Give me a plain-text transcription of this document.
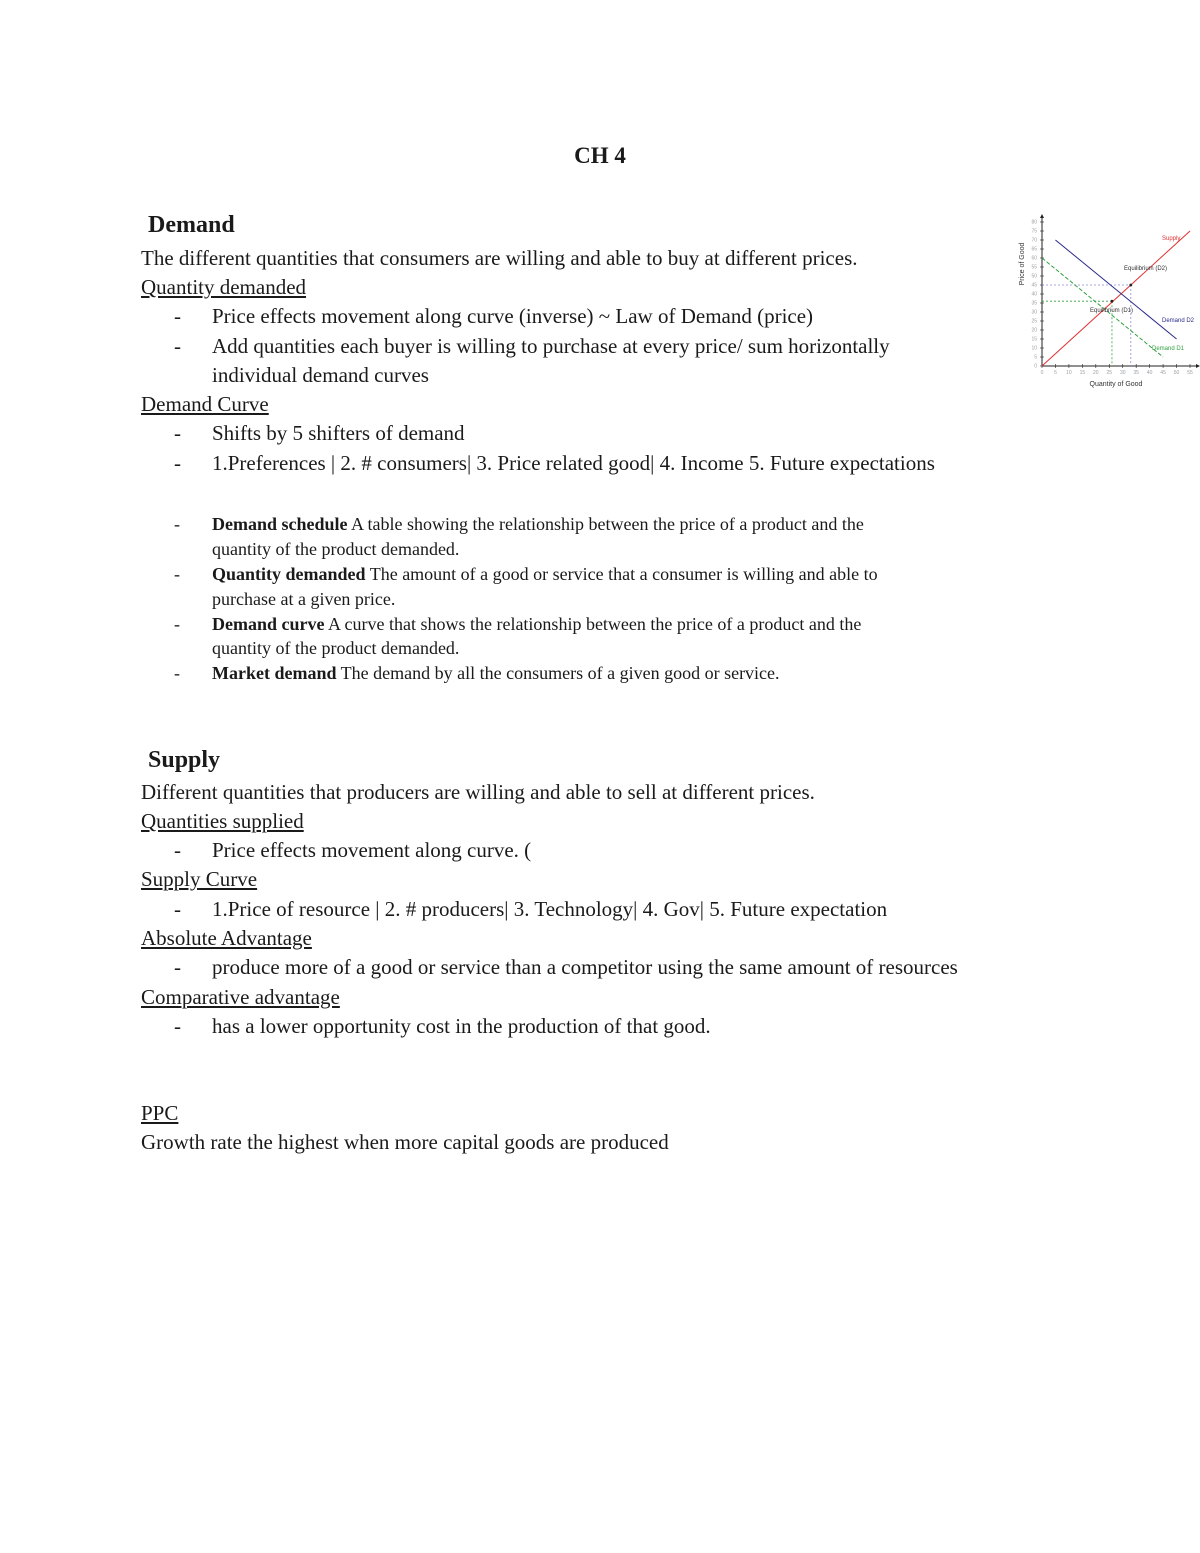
CH 4
Demand
The different quantities that consumers are willing and able to buy at different prices.
Quantity demanded
- Price effects movement along curve (inverse) ~ Law of Demand (price)
- Add quantities each buyer is willing to purchase at every price/ sum horizontally
individual demand curves
Demand Curve
- Shifts by 5 shifters of demand
- 1.Preferences | 2. # consumers| 3. Price related good| 4. Income 5. Future expectations
- Demand schedule A table showing the relationship between the price of a product and the
quantity of the product demanded.
- Quantity demanded The amount of a good or service that a consumer is willing and able to
purchase at a given price.
- Demand curve A curve that shows the relationship between the price of a product and the
quantity of the product demanded.
- Market demand The demand by all the consumers of a given good or service.
Supply
Different quantities that producers are willing and able to sell at different prices.
Quantities supplied
- Price effects movement along curve. (
Supply Curve
- 1.Price of resource | 2. # producers| 3. Technology| 4. Gov| 5. Future expectation
Absolute Advantage
- produce more of a good or service than a competitor using the same amount of resources
Comparative advantage
- has a lower opportunity cost in the production of that good.
PPC
Growth rate the highest when more capital goods are produced
0 5 10 15 20 25 30 35 40 45 50 55
0
5
10
15
20
25
30
35
40
45
50
55
60
65
70
75
80
Quantity of Good
Price of Good
Supply
Demand D2
Demand D1
Equilibrium (D2)
Equilibrium (D1)
